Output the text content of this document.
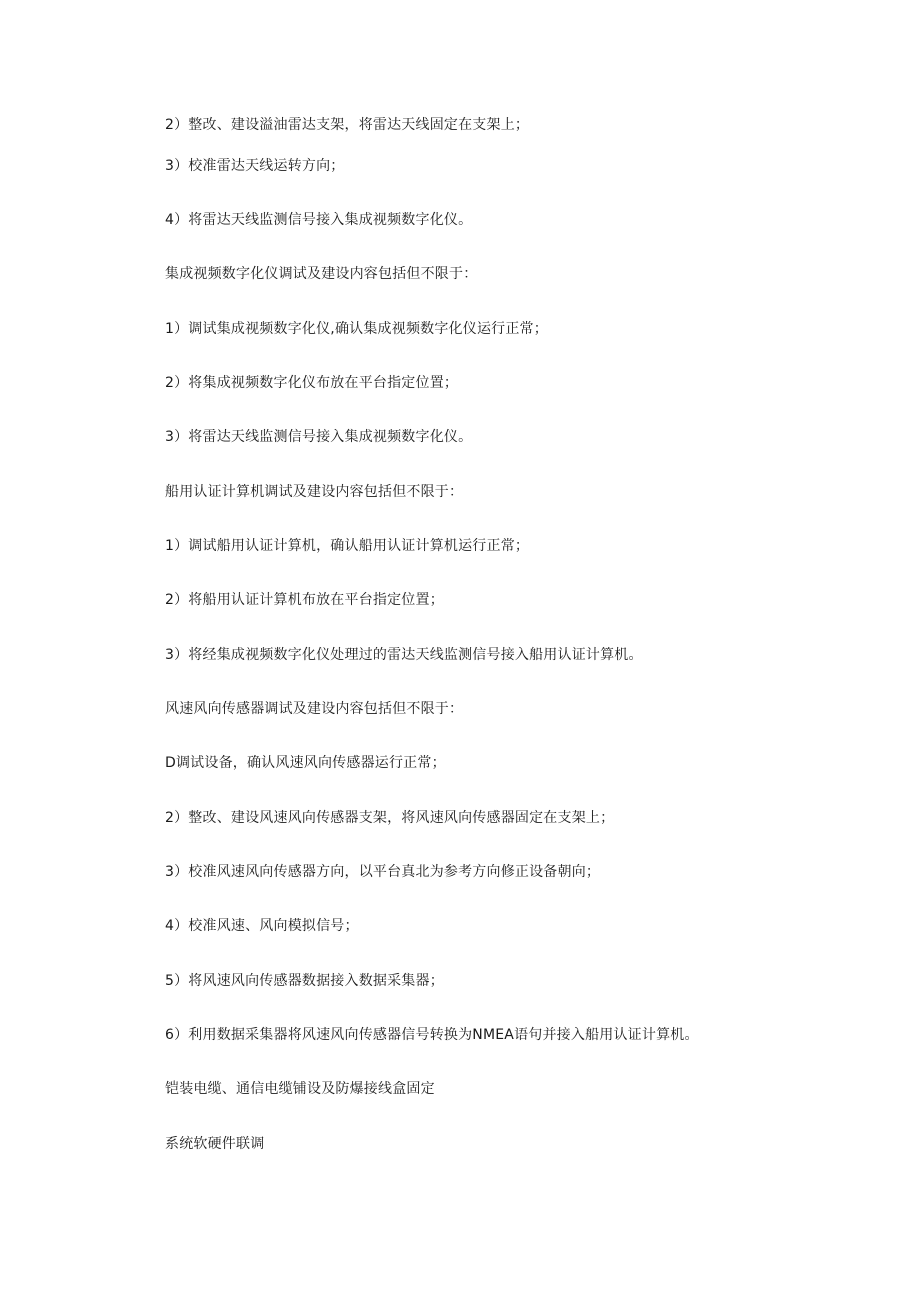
2）整改、建设溢油雷达支架，将雷达天线固定在支架上；
3）校准雷达天线运转方向；
4）将雷达天线监测信号接入集成视频数字化仪。
集成视频数字化仪调试及建设内容包括但不限于：
1）调试集成视频数字化仪,确认集成视频数字化仪运行正常；
2）将集成视频数字化仪布放在平台指定位置；
3）将雷达天线监测信号接入集成视频数字化仪。
船用认证计算机调试及建设内容包括但不限于：
1）调试船用认证计算机，确认船用认证计算机运行正常；
2）将船用认证计算机布放在平台指定位置；
3）将经集成视频数字化仪处理过的雷达天线监测信号接入船用认证计算机。
风速风向传感器调试及建设内容包括但不限于：
D调试设备，确认风速风向传感器运行正常；
2）整改、建设风速风向传感器支架，将风速风向传感器固定在支架上；
3）校准风速风向传感器方向，以平台真北为参考方向修正设备朝向；
4）校准风速、风向模拟信号；
5）将风速风向传感器数据接入数据采集器；
6）利用数据采集器将风速风向传感器信号转换为NMEA语句并接入船用认证计算机。
铠装电缆、通信电缆铺设及防爆接线盒固定
系统软硬件联调
